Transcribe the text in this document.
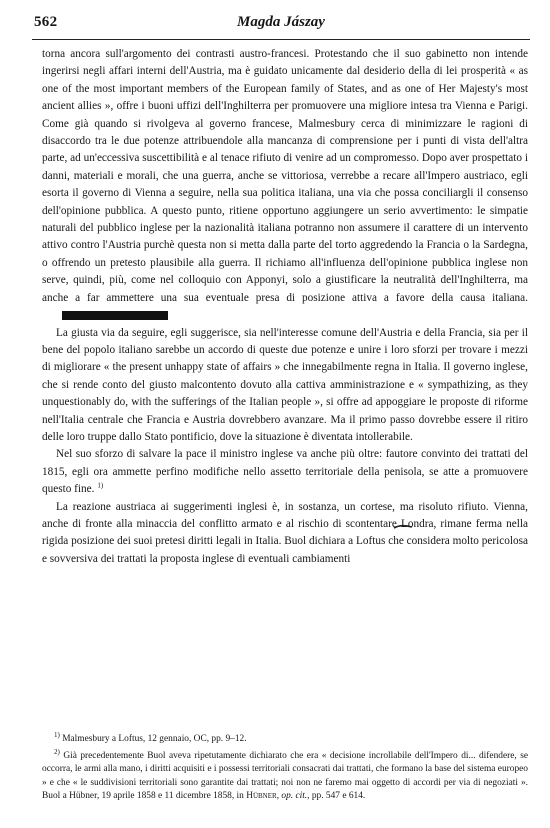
562	Magda Jászay

torna ancora sull'argomento dei contrasti austro-francesi. Protestando che il suo gabinetto non intende ingerirsi negli affari interni dell'Austria, ma è guidato unicamente dal desiderio della di lei prosperità « as one of the most important members of the European family of States, and as one of Her Majesty's most ancient allies », offre i buoni uffizi dell'Inghilterra per promuovere una migliore intesa tra Vienna e Parigi. Come già quando si rivolgeva al governo francese, Malmesbury cerca di minimizzare le ragioni di disaccordo tra le due potenze attribuendole alla mancanza di comprensione per i punti di vista dell'altra parte, ad un'eccessiva suscettibilità e al tenace rifiuto di venire ad un compromesso. Dopo aver prospettato i danni, materiali e morali, che una guerra, anche se vittoriosa, verrebbe a recare all'Impero austriaco, egli esorta il governo di Vienna a seguire, nella sua politica italiana, una via che possa conciliargli il consenso dell'opinione pubblica. A questo punto, ritiene opportuno aggiungere un serio avvertimento: le simpatie naturali del pubblico inglese per la nazionalità italiana potranno non assumere il carattere di un intervento attivo contro l'Austria purchè questa non si metta dalla parte del torto aggredendo la Francia o la Sardegna, o offrendo un pretesto plausibile alla guerra. Il richiamo all'influenza dell'opinione pubblica inglese non serve, quindi, più, come nel colloquio con Apponyi, solo a giustificare la neutralità dell'Inghilterra, ma anche a far ammettere una sua eventuale presa di posizione attiva a favore della causa italiana.

La giusta via da seguire, egli suggerisce, sia nell'interesse comune dell'Austria e della Francia, sia per il bene del popolo italiano sarebbe un accordo di queste due potenze e unire i loro sforzi per trovare i mezzi di migliorare « the present unhappy state of affairs » che innegabilmente regna in Italia. Il governo inglese, che si rende conto del giusto malcontento dovuto alla cattiva amministrazione e « sympathizing, as they unquestionably do, with the sufferings of the Italian people », si offre ad appoggiare le proposte di riforme nell'Italia centrale che Francia e Austria dovrebbero avanzare. Ma il primo passo dovrebbe essere il ritiro delle loro truppe dallo Stato pontificio, dove la situazione è diventata intollerabile.

Nel suo sforzo di salvare la pace il ministro inglese va anche più oltre: fautore convinto dei trattati del 1815, egli ora ammette perfino modifiche nello assetto territoriale della penisola, se atte a promuovere questo fine. $^{1)}$

La reazione austriaca ai suggerimenti inglesi è, in sostanza, un cortese, ma risoluto rifiuto. Vienna, anche di fronte alla minaccia del conflitto armato e al rischio di scontentare Londra, rimane ferma nella rigida posizione dei suoi pretesi diritti legali in Italia. Buol dichiara a Loftus che considera molto pericolosa e sovversiva dei trattati la proposta inglese di eventuali cambiamenti

$^{1)}$ Malmesbury a Loftus, 12 gennaio, OC, pp. 9–12.

$^{2)}$ Già precedentemente Buol aveva ripetutamente dichiarato che era « decisione incrollabile dell'Impero di... difendere, se occorra, le armi alla mano, i diritti acquisiti e i possessi territoriali consacrati dai trattati, che formano la base del sistema europeo » e che « le suddivisioni territoriali sono garantite dai trattati; noi non ne faremo mai oggetto di accordi per via di negoziati ». Buol a Hübner, 19 aprile 1858 e 11 dicembre 1858, in Hübner, op. cit., pp. 547 e 614.
